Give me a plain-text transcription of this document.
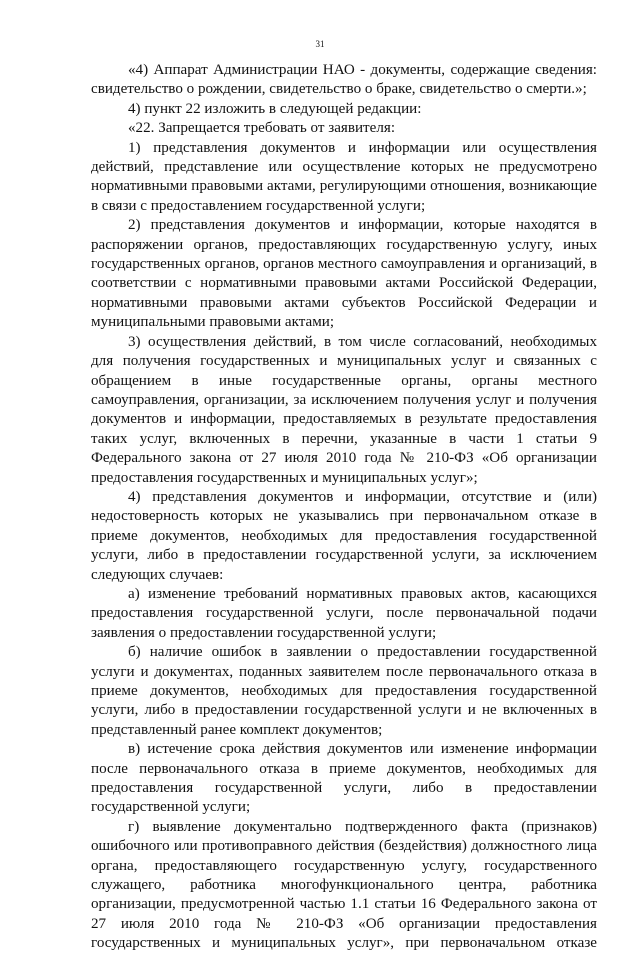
31

«4) Аппарат Администрации НАО - документы, содержащие сведения: свидетельство о рождении, свидетельство о браке, свидетельство о смерти.»;

4) пункт 22 изложить в следующей редакции:

«22. Запрещается требовать от заявителя:

1) представления документов и информации или осуществления действий, представление или осуществление которых не предусмотрено нормативными правовыми актами, регулирующими отношения, возникающие в связи с предоставлением государственной услуги;

2) представления документов и информации, которые находятся в распоряжении органов, предоставляющих государственную услугу, иных государственных органов, органов местного самоуправления и организаций, в соответствии с нормативными правовыми актами Российской Федерации, нормативными правовыми актами субъектов Российской Федерации и муниципальными правовыми актами;

3) осуществления действий, в том числе согласований, необходимых для получения государственных и муниципальных услуг и связанных с обращением в иные государственные органы, органы местного самоуправления, организации, за исключением получения услуг и получения документов и информации, предоставляемых в результате предоставления таких услуг, включенных в перечни, указанные в части 1 статьи 9 Федерального закона от 27 июля 2010 года № 210-ФЗ «Об организации предоставления государственных и муниципальных услуг»;

4) представления документов и информации, отсутствие и (или) недостоверность которых не указывались при первоначальном отказе в приеме документов, необходимых для предоставления государственной услуги, либо в предоставлении государственной услуги, за исключением следующих случаев:

а) изменение требований нормативных правовых актов, касающихся предоставления государственной услуги, после первоначальной подачи заявления о предоставлении государственной услуги;

б) наличие ошибок в заявлении о предоставлении государственной услуги и документах, поданных заявителем после первоначального отказа в приеме документов, необходимых для предоставления государственной услуги, либо в предоставлении государственной услуги и не включенных в представленный ранее комплект документов;

в) истечение срока действия документов или изменение информации после первоначального отказа в приеме документов, необходимых для предоставления государственной услуги, либо в предоставлении государственной услуги;

г) выявление документально подтвержденного факта (признаков) ошибочного или противоправного действия (бездействия) должностного лица органа, предоставляющего государственную услугу, государственного служащего, работника многофункционального центра, работника организации, предусмотренной частью 1.1 статьи 16 Федерального закона от 27 июля 2010 года № 210-ФЗ «Об организации предоставления государственных и муниципальных услуг», при первоначальном отказе
